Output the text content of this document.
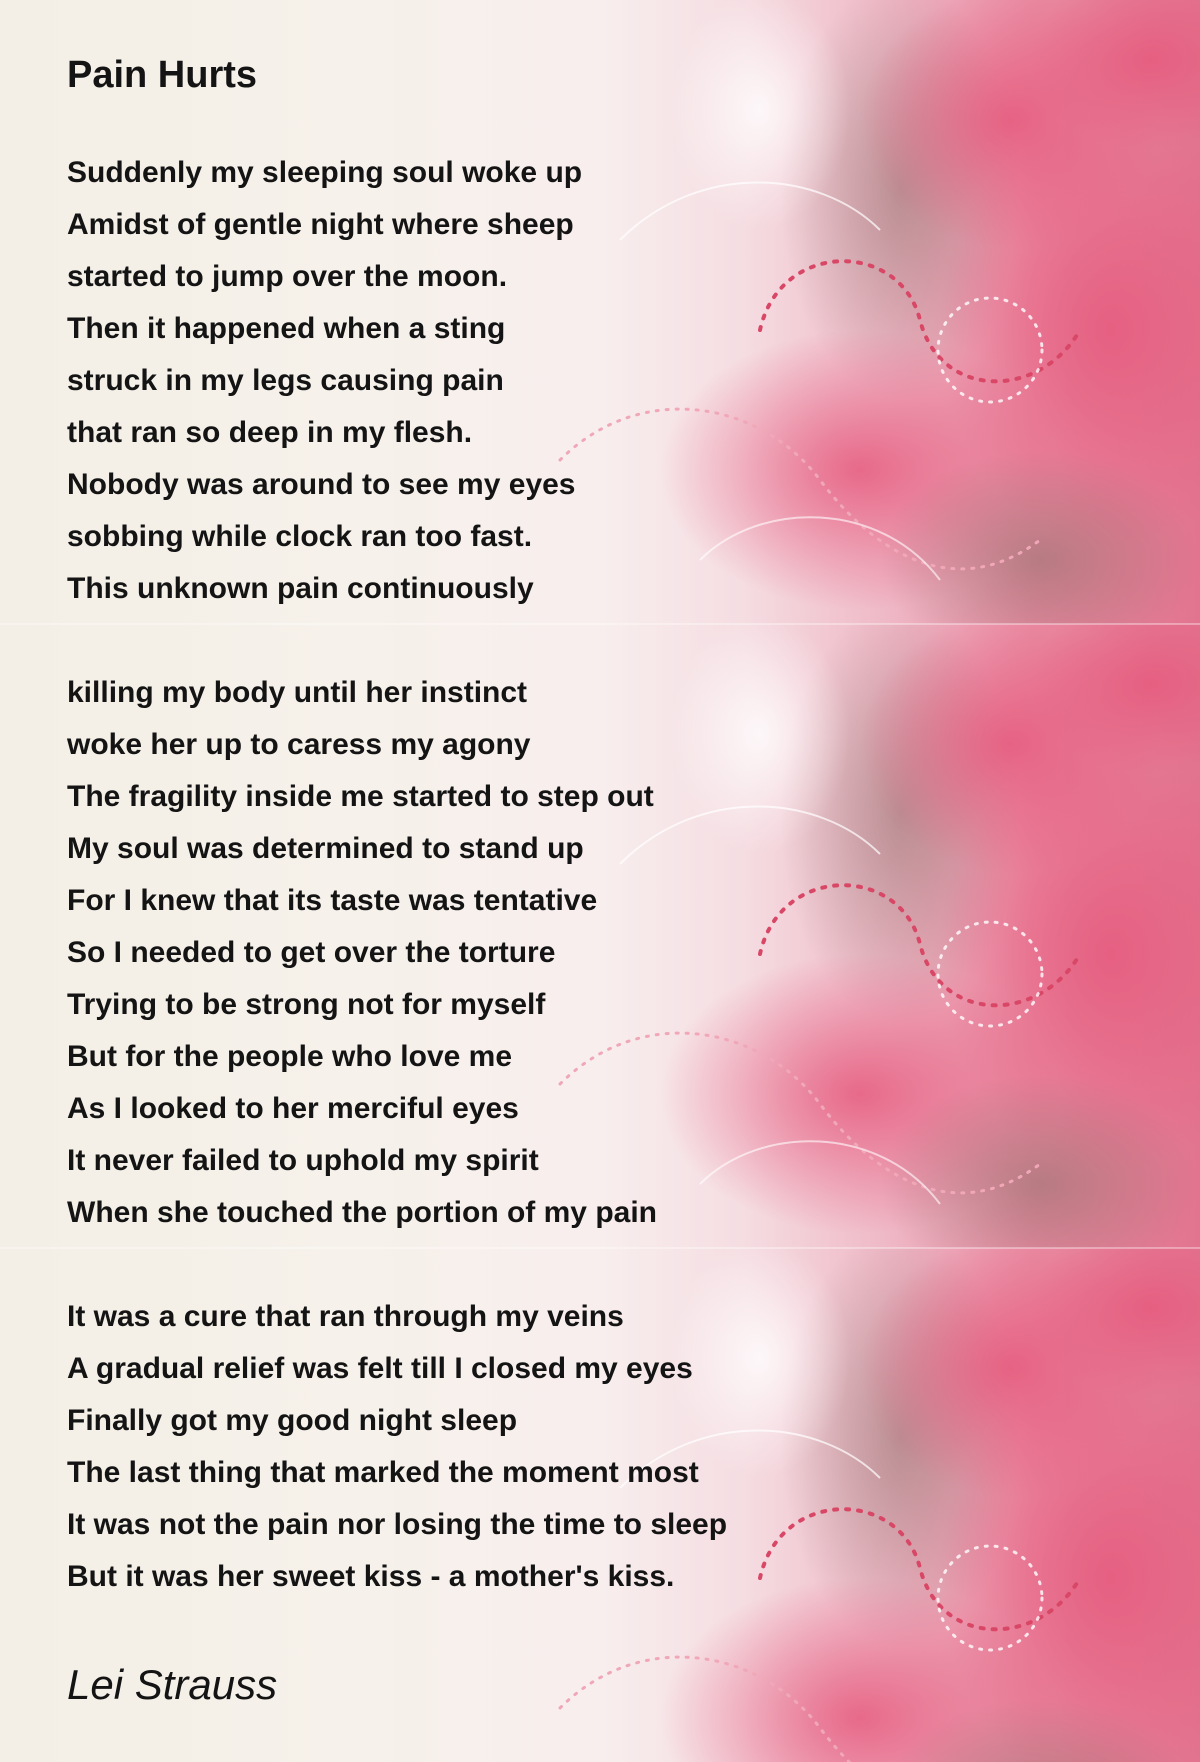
Pain Hurts
Suddenly my sleeping soul woke up
Amidst of gentle night where sheep
started to jump over the moon.
Then it happened when a sting
struck in my legs causing pain
that ran so deep in my flesh.
Nobody was around to see my eyes
sobbing while clock ran too fast.
This unknown pain continuously
killing my body until her instinct
woke her up to caress my agony
The fragility inside me started to step out
My soul was determined to stand up
For I knew that its taste was tentative
So I needed to get over the torture
Trying to be strong not for myself
But for the people who love me
As I looked to her merciful eyes
It never failed to uphold my spirit
When she touched the portion of my pain
It was a cure that ran through my veins
A gradual relief was felt till I closed my eyes
Finally got my good night sleep
The last thing that marked the moment most
It was not the pain nor losing the time to sleep
But it was her sweet kiss - a mother's kiss.
Lei Strauss
